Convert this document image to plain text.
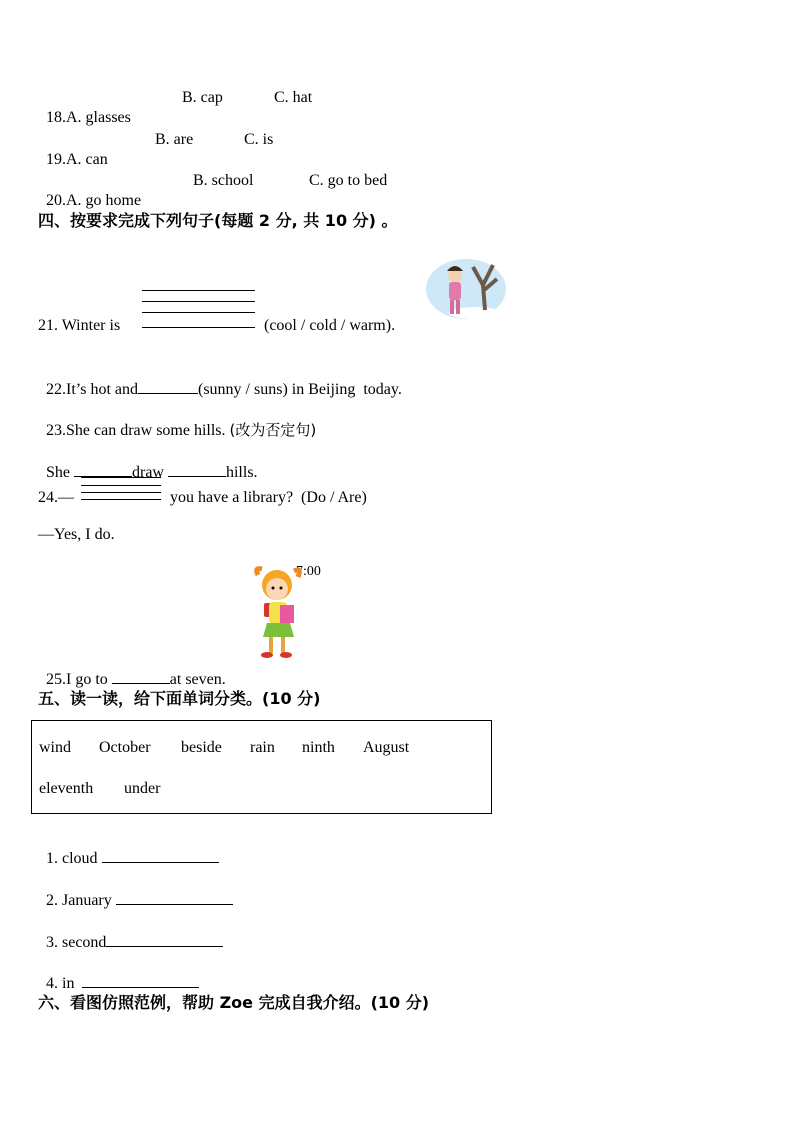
18.A. glasses

B. cap	C. hat

19.A. can

B. are	C. is

20.A. go home

B. school	C. go to bed
四、按要求完成下列句子(每题 2 分, 共 10 分) 。
21. Winter is	(cool / cold / warm).

22.It’s hot and	(sunny / suns) in Beijing  today.

23.She can draw some hills. (改为否定句)

She	draw	hills.

24.—	you have a library?  (Do / Are)
—Yes, I do.
7:00

25.I go to	at seven.

五、读一读，给下面单词分类。(10 分)
wind October beside rain ninth August
eleventh under

1. cloud

2. January

3. second

4. in

六、看图仿照范例，帮助 Zoe 完成自我介绍。(10 分)
